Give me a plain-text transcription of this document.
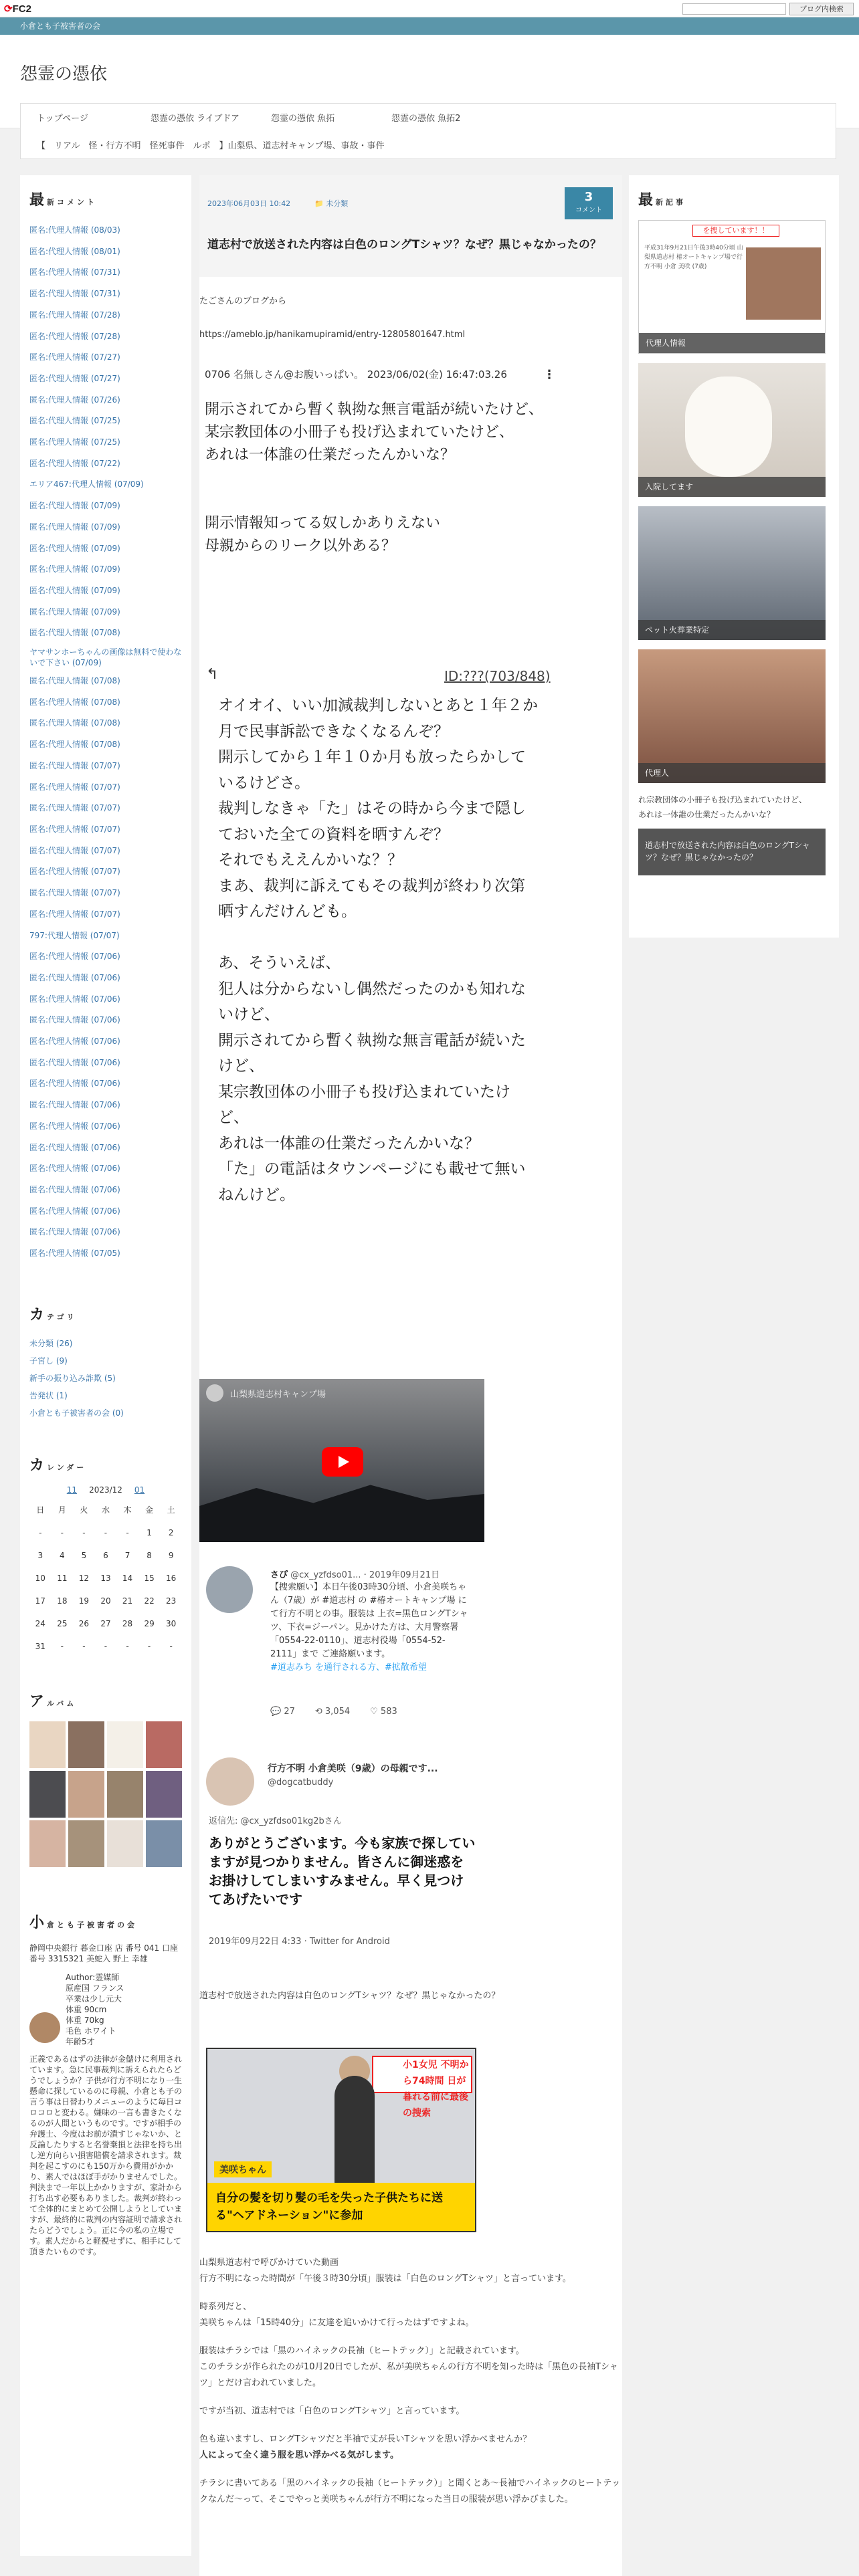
⟳FC2	ブログ内検索
小倉とも子被害者の会
怨霊の憑依
トップページ	怨霊の憑依 ライブドア	怨霊の憑依 魚拓	怨霊の憑依 魚拓2
【　リアル　怪・行方不明　怪死事件　ルポ　】山梨県、道志村キャンプ場、事故・事件
最 新コメント
匿名:代理人情報 (08/03)
匿名:代理人情報 (08/01)
匿名:代理人情報 (07/31)
匿名:代理人情報 (07/31)
匿名:代理人情報 (07/28)
匿名:代理人情報 (07/28)
匿名:代理人情報 (07/27)
匿名:代理人情報 (07/27)
匿名:代理人情報 (07/26)
匿名:代理人情報 (07/25)
匿名:代理人情報 (07/25)
匿名:代理人情報 (07/22)
エリア467:代理人情報 (07/09)
匿名:代理人情報 (07/09)
匿名:代理人情報 (07/09)
匿名:代理人情報 (07/09)
匿名:代理人情報 (07/09)
匿名:代理人情報 (07/09)
匿名:代理人情報 (07/09)
匿名:代理人情報 (07/08)
ヤマサンホーちゃんの画像は無料で使わないで下さい (07/09)
匿名:代理人情報 (07/08)
匿名:代理人情報 (07/08)
匿名:代理人情報 (07/08)
匿名:代理人情報 (07/08)
匿名:代理人情報 (07/07)
匿名:代理人情報 (07/07)
匿名:代理人情報 (07/07)
匿名:代理人情報 (07/07)
匿名:代理人情報 (07/07)
匿名:代理人情報 (07/07)
匿名:代理人情報 (07/07)
匿名:代理人情報 (07/07)
797:代理人情報 (07/07)
匿名:代理人情報 (07/06)
匿名:代理人情報 (07/06)
匿名:代理人情報 (07/06)
匿名:代理人情報 (07/06)
匿名:代理人情報 (07/06)
匿名:代理人情報 (07/06)
匿名:代理人情報 (07/06)
匿名:代理人情報 (07/06)
匿名:代理人情報 (07/06)
匿名:代理人情報 (07/06)
匿名:代理人情報 (07/06)
匿名:代理人情報 (07/06)
匿名:代理人情報 (07/06)
匿名:代理人情報 (07/06)
匿名:代理人情報 (07/05)
カ テゴリ
未分類 (26)
子宮し (9)
新手の振り込み詐欺 (5)
告発状 (1)
小倉とも子被害者の会 (0)
カ レンダー
11 2023/12 01
日	月	火	水	木	金	土
-	-	-	-	-	1	2
3	4	5	6	7	8	9
10	11	12	13	14	15	16
17	18	19	20	21	22	23
24	25	26	27	28	29	30
31	-	-	-	-	-	-
ア ルバム
小 倉とも子被害者の会
静岡中央銀行 暮金口座 店 番号 041 口座番号 3315321 美蛇入 野上 幸雄
Author:霊媒師
原産国 フランス
卒業は少し元大
体重 90cm
体重 70kg
毛色 ホワイト
年齢5才
正義であるはずの法律が金儲けに利用されています。急に民事裁判に訴えられたらどうでしょうか？子供が行方不明になり一生懸命に探しているのに母親、小倉とも子の言う事は日替わりメニューのように毎日コロコロと変わる。嫌味の一言も書きたくなるのが人間というものです。ですが相手の弁護士、今度はお前が潰すじゃないか、と反論したりすると名誉棄損と法律を持ち出し逆方向らい損害賠償を請求されます。裁判を起こすのにも150万から費用がかかり、素人ではほぼ手がかりませんでした。判決まで一年以上かかりますが、家計から打ち出す必要もありました。裁判が終わって全体的にまとめて公開しようとしていますが、最終的に裁判の内容証明で請求されたらどうでしょう。正に今の私の立場です。素人だからと軽視せずに、相手にして頂きたいものです。
2023年06月03日 10:42	📁 未分類	3
コメント
道志村で放送された内容は白色のロングTシャツ？なぜ？黒じゃなかったの？
たごさんのブログから
https://ameblo.jp/hanikamupiramid/entry-12805801647.html
0706 名無しさん@お腹いっぱい。 2023/06/02(金) 16:47:03.26	⋮
開示されてから暫く執拗な無言電話が続いたけど、
某宗教団体の小冊子も投げ込まれていたけど、
あれは一体誰の仕業だったんかいな？

開示情報知ってる奴しかありえない
母親からのリーク以外ある？
↰	ID:???(703/848)
オイオイ、いい加減裁判しないとあと１年２か月で民事訴訟できなくなるんぞ？
開示してから１年１０か月も放ったらかしているけどさ。
裁判しなきゃ「た」はその時から今まで隠しておいた全ての資料を晒すんぞ？
それでもええんかいな？？
まあ、裁判に訴えてもその裁判が終わり次第晒すんだけんども。

あ、そういえば、
犯人は分からないし偶然だったのかも知れないけど、
開示されてから暫く執拗な無言電話が続いたけど、
某宗教団体の小冊子も投げ込まれていたけど、
あれは一体誰の仕業だったんかいな？
「た」の電話はタウンページにも載せて無いねんけど。
山梨県道志村キャンプ場
さぴ @cx_yzfdso01... · 2019年09月21日
【捜索願い】本日午後03時30分頃、小倉美咲ちゃん（7歳）が #道志村 の #椿オートキャンプ場 にて行方不明との事。服装は 上衣=黒色ロングTシャツ、下衣=ジーパン。見かけた方は、大月警察署「0554-22-0110」、道志村役場「0554-52-2111」まで ご連絡願います。
#道志みち を通行される方、#拡散希望
💬 27 ⟲ 3,054 ♡ 583
行方不明 小倉美咲（9歳）の母親です...
@dogcatbuddy
返信先: @cx_yzfdso01kg2bさん
ありがとうございます。今も家族で探していますが見つかりません。皆さんに御迷惑をお掛けしてしまいすみません。早く見つけてあげたいです
2019年09月22日 4:33 · Twitter for Android
道志村で放送された内容は白色のロングTシャツ？なぜ？黒じゃなかったの？
小1女児 不明から74時間 日が暮れる前に最後の捜索
美咲ちゃん
自分の髪を切り髪の毛を失った子供たちに送る"ヘアドネーション"に参加
山梨県道志村で呼びかけていた動画
行方不明になった時間が「午後３時30分頃」服装は「白色のロングTシャツ」と言っています。
時系列だと、
美咲ちゃんは「15時40分」に友達を追いかけて行ったはずですよね。
服装はチラシでは「黒のハイネックの長袖（ヒートテック）」と記載されています。
このチラシが作られたのが10月20日でしたが、私が美咲ちゃんの行方不明を知った時は「黒色の長袖Tシャツ」とだけ言われていました。
ですが当初、道志村では「白色のロングTシャツ」と言っています。
色も違いますし、ロングTシャツだと半袖で丈が長いTシャツを思い浮かべませんか？
人によって全く違う服を思い浮かべる気がします。
チラシに書いてある「黒のハイネックの長袖（ヒートテック）」と聞くとあ〜長袖でハイネックのヒートテックなんだ〜って、そこでやっと美咲ちゃんが行方不明になった当日の服装が思い浮かびました。
最 新記事
を捜しています！！
平成31年9月21日午後3時40分頃 山梨県道志村 椿オートキャンプ場で行方不明 小倉 美咲 (7歳)
代理人情報
入院してます
ペット火葬業特定
代理人
れ宗教団体の小冊子も投げ込まれていたけど、
あれは一体誰の仕業だったんかいな？
道志村で放送された内容は白色のロングTシャツ？なぜ？黒じゃなかったの？
